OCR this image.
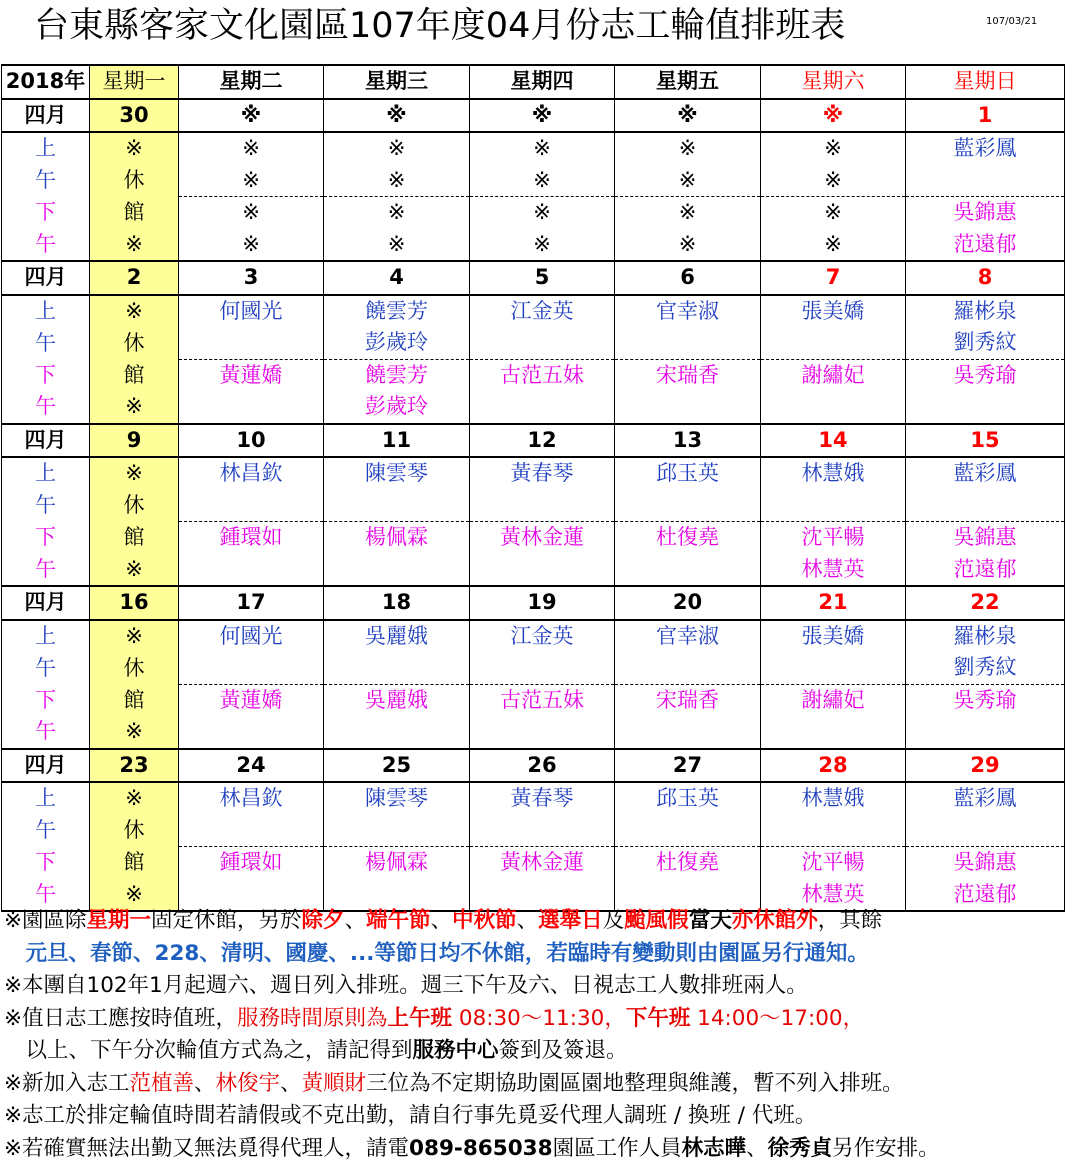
台東縣客家文化園區107年度04月份志工輪值排班表	107/03/21
2018年	星期一	星期二	星期三	星期四	星期五	星期六	星期日
四月	30	※	※	※	※	※	1
上	※	※	※	※	※	※	藍彩鳳
午	休	※	※	※	※	※	
下	館	※	※	※	※	※	吳錦惠
午	※	※	※	※	※	※	范遠郁
四月	2	3	4	5	6	7	8
上	※	何國光	饒雲芳	江金英	官幸淑	張美嬌	羅彬泉
午	休		彭歲玲				劉秀紋
下	館	黃蓮嬌	饒雲芳	古范五妹	宋瑞香	謝繡妃	吳秀瑜
午	※		彭歲玲				
四月	9	10	11	12	13	14	15
上	※	林昌欽	陳雲琴	黃春琴	邱玉英	林慧娥	藍彩鳳
午	休						
下	館	鍾環如	楊佩霖	黃林金蓮	杜復堯	沈平暢	吳錦惠
午	※					林慧英	范遠郁
四月	16	17	18	19	20	21	22
上	※	何國光	吳麗娥	江金英	官幸淑	張美嬌	羅彬泉
午	休						劉秀紋
下	館	黃蓮嬌	吳麗娥	古范五妹	宋瑞香	謝繡妃	吳秀瑜
午	※						
四月	23	24	25	26	27	28	29
上	※	林昌欽	陳雲琴	黃春琴	邱玉英	林慧娥	藍彩鳳
午	休						
下	館	鍾環如	楊佩霖	黃林金蓮	杜復堯	沈平暢	吳錦惠
午	※					林慧英	范遠郁
※園區除星期一固定休館，另於除夕、端午節、中秋節、選舉日及颱風假當天亦休館外，其餘
　元旦、春節、228、清明、國慶、...等節日均不休館，若臨時有變動則由園區另行通知。
※本團自102年1月起週六、週日列入排班。週三下午及六、日視志工人數排班兩人。
※值日志工應按時值班，服務時間原則為上午班 08:30～11:30，下午班 14:00～17:00，
　以上、下午分次輪值方式為之，請記得到服務中心簽到及簽退。
※新加入志工范植善、林俊宇、黃順財三位為不定期協助園區園地整理與維護，暫不列入排班。
※志工於排定輪值時間若請假或不克出勤，請自行事先覓妥代理人調班 / 換班 / 代班。
※若確實無法出勤又無法覓得代理人，請電089-865038園區工作人員林志曄、徐秀貞另作安排。
